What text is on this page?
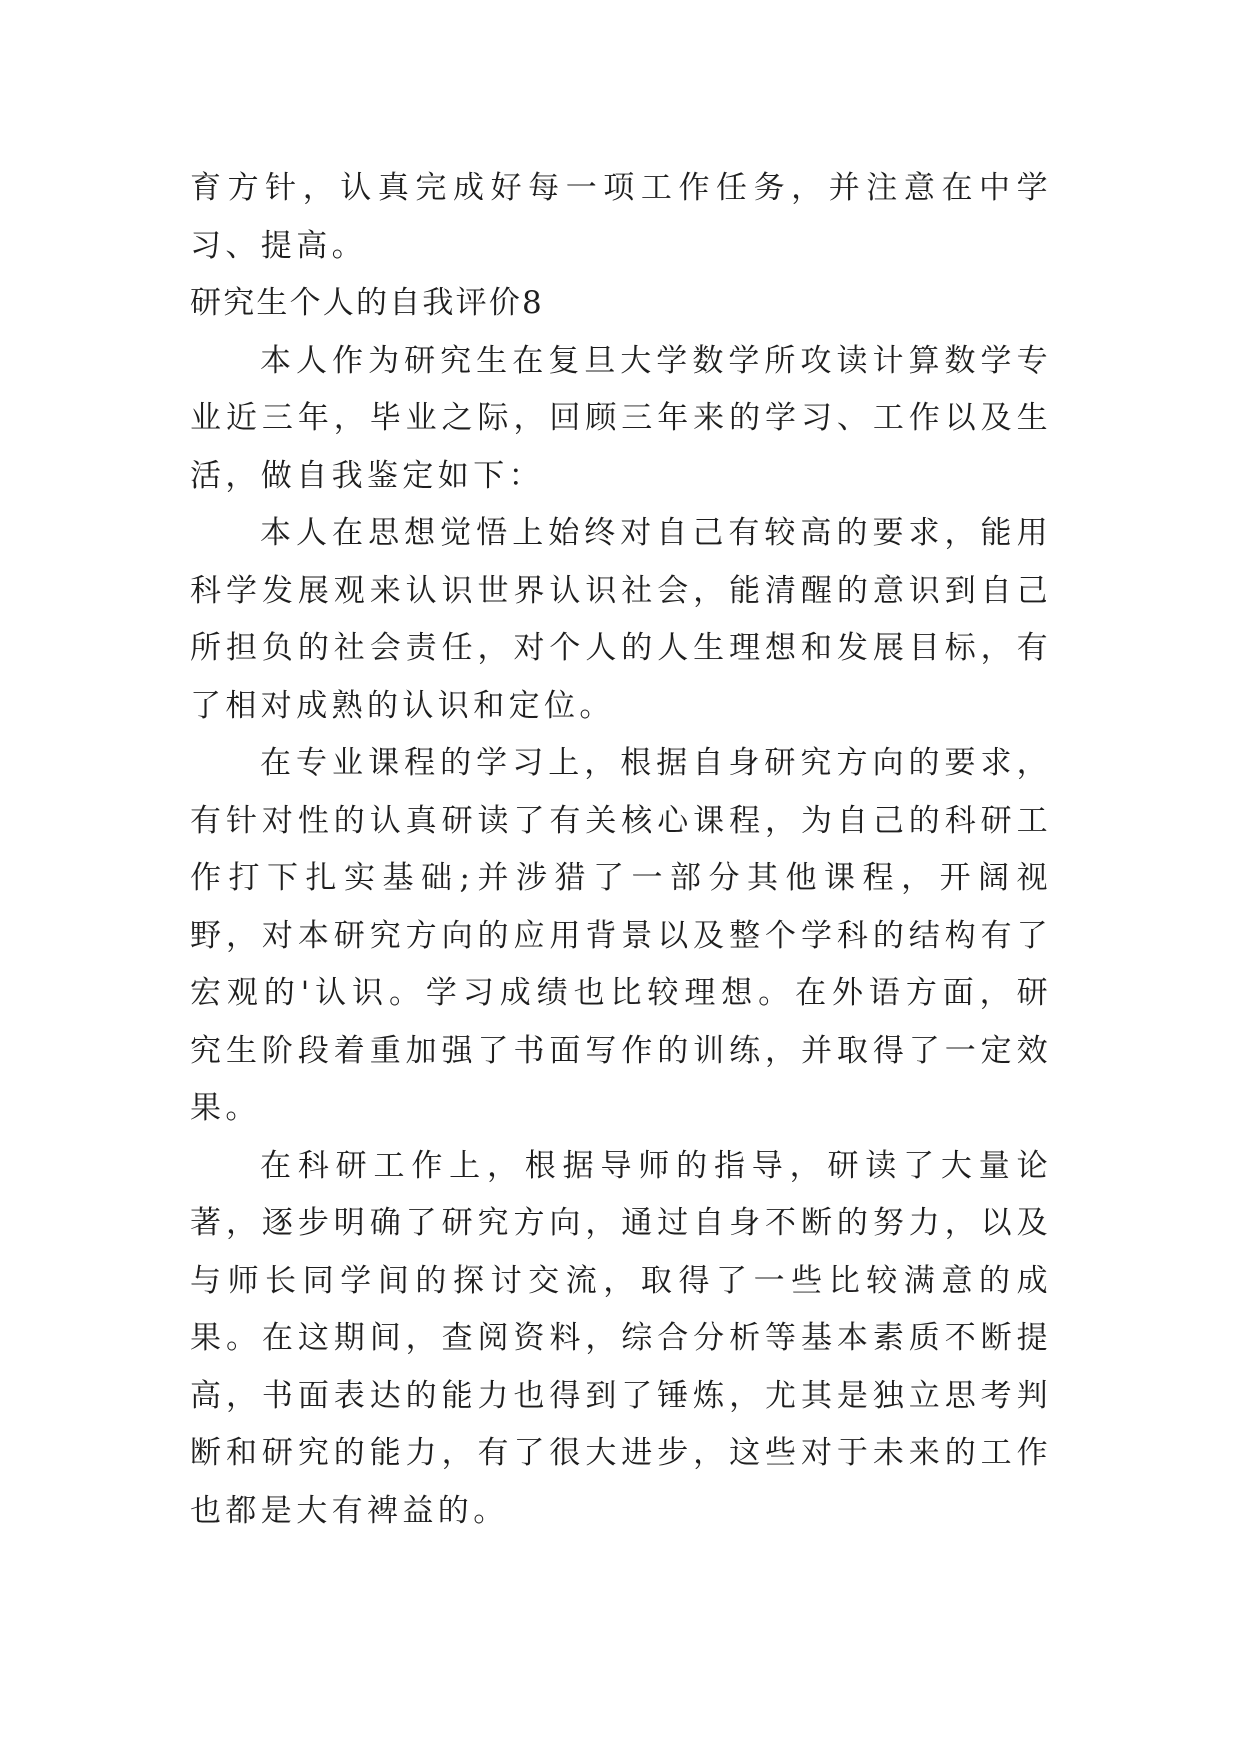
育方针，认真完成好每一项工作任务，并注意在中学习、提高。

研究生个人的自我评价8

本人作为研究生在复旦大学数学所攻读计算数学专业近三年，毕业之际，回顾三年来的学习、工作以及生活，做自我鉴定如下：

本人在思想觉悟上始终对自己有较高的要求，能用科学发展观来认识世界认识社会，能清醒的意识到自己所担负的社会责任，对个人的人生理想和发展目标，有了相对成熟的认识和定位。

在专业课程的学习上，根据自身研究方向的要求，有针对性的认真研读了有关核心课程，为自己的科研工作打下扎实基础;并涉猎了一部分其他课程，开阔视野，对本研究方向的应用背景以及整个学科的结构有了宏观的'认识。学习成绩也比较理想。在外语方面，研究生阶段着重加强了书面写作的训练，并取得了一定效果。

在科研工作上，根据导师的指导，研读了大量论著，逐步明确了研究方向，通过自身不断的努力，以及与师长同学间的探讨交流，取得了一些比较满意的成果。在这期间，查阅资料，综合分析等基本素质不断提高，书面表达的能力也得到了锤炼，尤其是独立思考判断和研究的能力，有了很大进步，这些对于未来的工作也都是大有裨益的。
